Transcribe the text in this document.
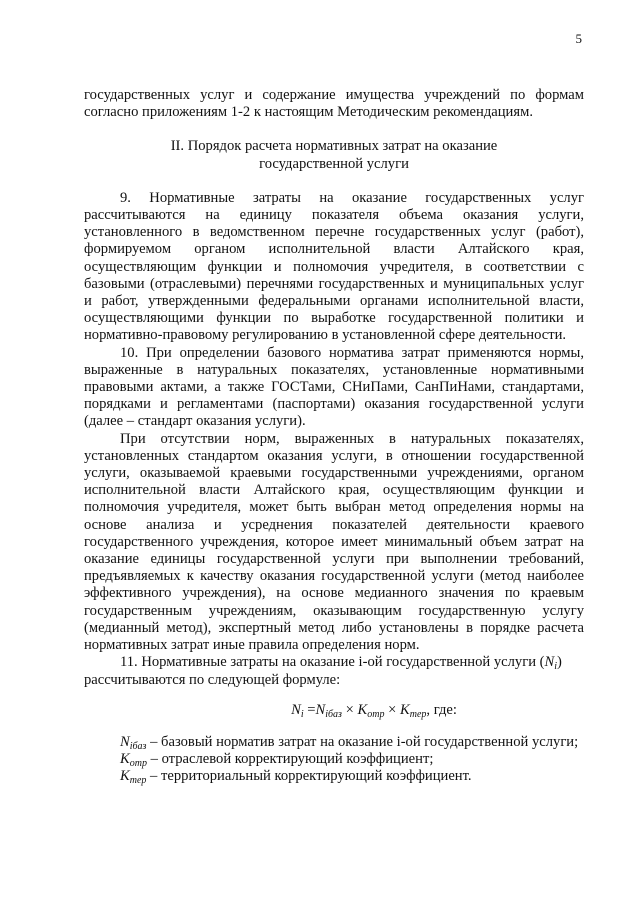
5

государственных услуг и содержание имущества учреждений по формам согласно приложениям 1-2 к настоящим Методическим рекомендациям.

II. Порядок расчета нормативных затрат на оказание
государственной услуги

9. Нормативные затраты на оказание государственных услуг рассчитываются на единицу показателя объема оказания услуги, установленного в ведомственном перечне государственных услуг (работ), формируемом органом исполнительной власти Алтайского края, осуществляющим функции и полномочия учредителя, в соответствии с базовыми (отраслевыми) перечнями государственных и муниципальных услуг и работ, утвержденными федеральными органами исполнительной власти, осуществляющими функции по выработке государственной политики и нормативно-правовому регулированию в установленной сфере деятельности.

10. При определении базового норматива затрат применяются нормы, выраженные в натуральных показателях, установленные нормативными правовыми актами, а также ГОСТами, СНиПами, СанПиНами, стандартами, порядками и регламентами (паспортами) оказания государственной услуги (далее – стандарт оказания услуги).

При отсутствии норм, выраженных в натуральных показателях, установленных стандартом оказания услуги, в отношении государственной услуги, оказываемой краевыми государственными учреждениями, органом исполнительной власти Алтайского края, осуществляющим функции и полномочия учредителя, может быть выбран метод определения нормы на основе анализа и усреднения показателей деятельности краевого государственного учреждения, которое имеет минимальный объем затрат на оказание единицы государственной услуги при выполнении требований, предъявляемых к качеству оказания государственной услуги (метод наиболее эффективного учреждения), на основе медианного значения по краевым государственным учреждениям, оказывающим государственную услугу (медианный метод), экспертный метод либо установлены в порядке расчета нормативных затрат иные правила определения норм.

11. Нормативные затраты на оказание i-ой государственной услуги $(N_i)$
рассчитываются по следующей формуле:

$N_i =N_{iбаз} \times K_{отр} \times K_{тер}$, где:

$N_{iбаз}$ – базовый норматив затрат на оказание i-ой государственной услуги;

$K_{отр}$ – отраслевой корректирующий коэффициент;

$K_{тер}$ – территориальный корректирующий коэффициент.
